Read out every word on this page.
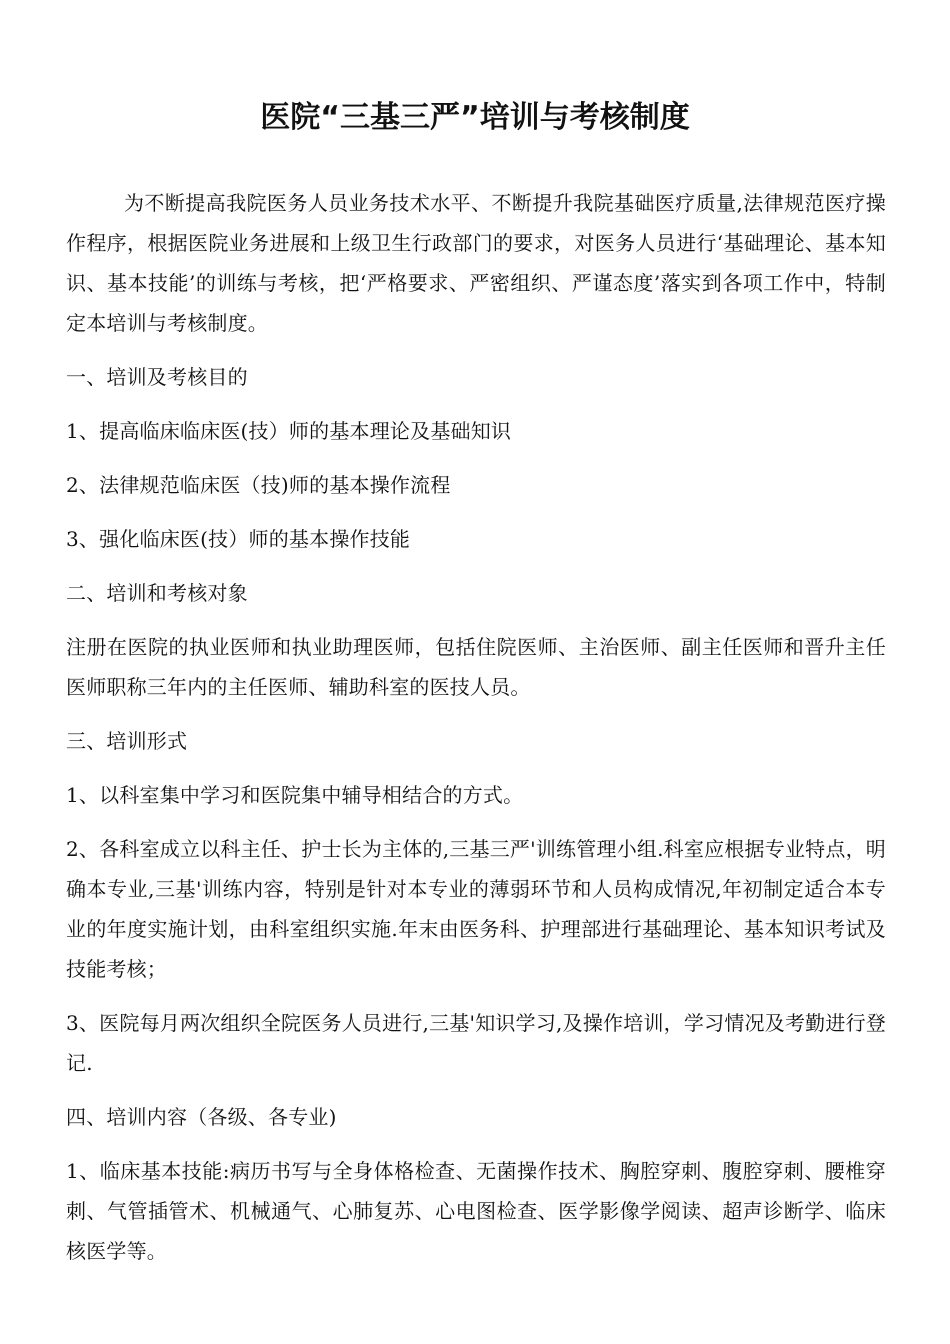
医院“三基三严”培训与考核制度

为不断提高我院医务人员业务技术水平、不断提升我院基础医疗质量,法律规范医疗操作程序，根据医院业务进展和上级卫生行政部门的要求，对医务人员进行‘基础理论、基本知识、基本技能’的训练与考核，把‘严格要求、严密组织、严谨态度’落实到各项工作中，特制定本培训与考核制度。

一、培训及考核目的

1、提高临床临床医(技）师的基本理论及基础知识

2、法律规范临床医（技)师的基本操作流程

3、强化临床医(技）师的基本操作技能

二、培训和考核对象

注册在医院的执业医师和执业助理医师，包括住院医师、主治医师、副主任医师和晋升主任医师职称三年内的主任医师、辅助科室的医技人员。

三、培训形式

1、以科室集中学习和医院集中辅导相结合的方式。

2、各科室成立以科主任、护士长为主体的,三基三严'训练管理小组.科室应根据专业特点，明确本专业,三基'训练内容，特别是针对本专业的薄弱环节和人员构成情况,年初制定适合本专业的年度实施计划，由科室组织实施.年末由医务科、护理部进行基础理论、基本知识考试及技能考核；

3、医院每月两次组织全院医务人员进行,三基'知识学习,及操作培训，学习情况及考勤进行登记.

四、培训内容（各级、各专业)

1、临床基本技能:病历书写与全身体格检查、无菌操作技术、胸腔穿刺、腹腔穿刺、腰椎穿刺、气管插管术、机械通气、心肺复苏、心电图检查、医学影像学阅读、超声诊断学、临床核医学等。
